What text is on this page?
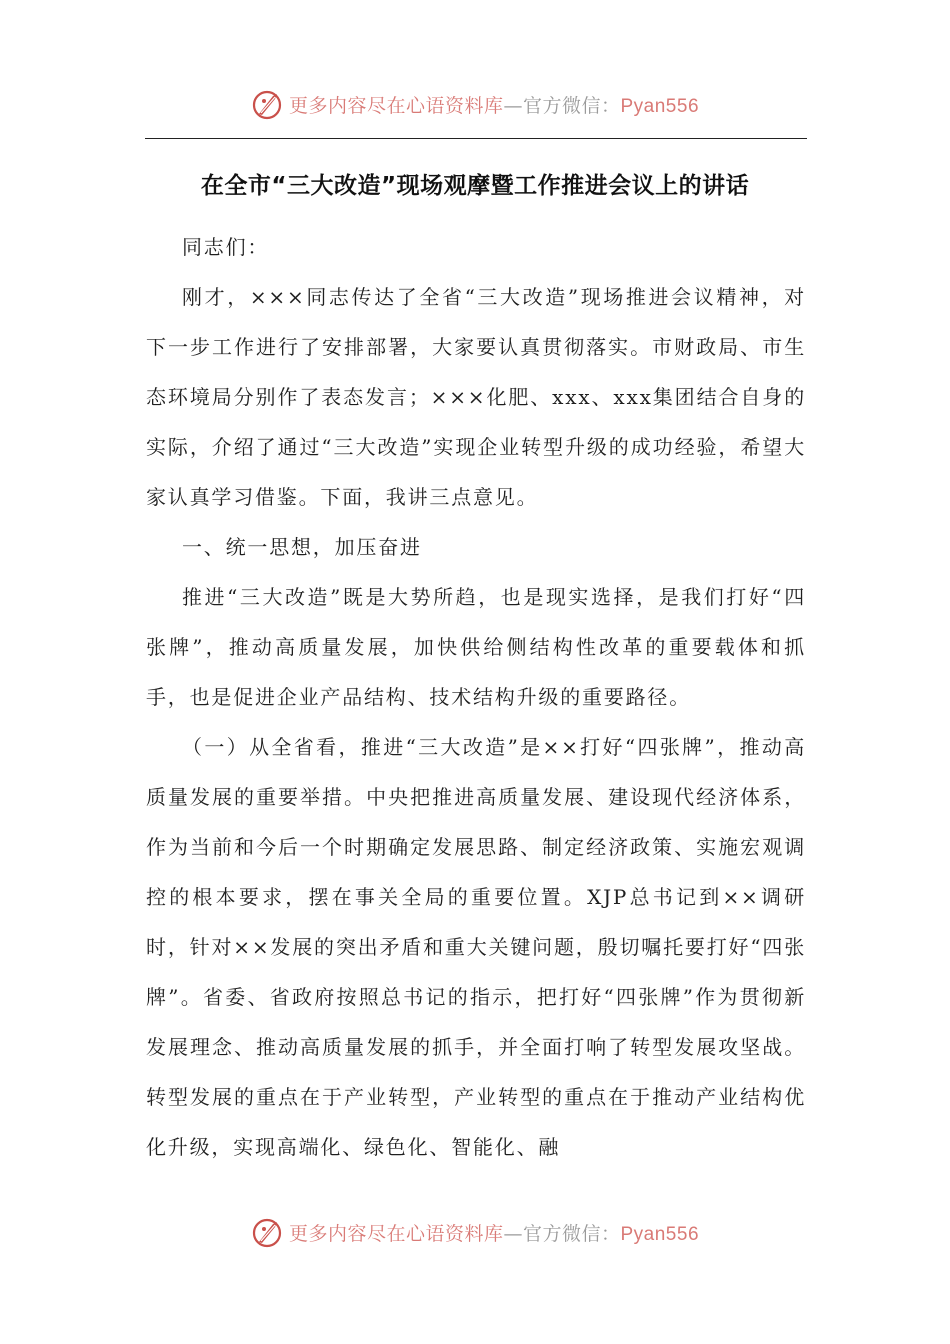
更多内容尽在心语资料库—官方微信：Pyan556
在全市“三大改造”现场观摩暨工作推进会议上的讲话

同志们：

刚才，×××同志传达了全省“三大改造”现场推进会议精神，对下一步工作进行了安排部署，大家要认真贯彻落实。市财政局、市生态环境局分别作了表态发言；×××化肥、xxx、xxx集团结合自身的实际，介绍了通过“三大改造”实现企业转型升级的成功经验，希望大家认真学习借鉴。下面，我讲三点意见。

一、统一思想，加压奋进

推进“三大改造”既是大势所趋，也是现实选择，是我们打好“四张牌”，推动高质量发展，加快供给侧结构性改革的重要载体和抓手，也是促进企业产品结构、技术结构升级的重要路径。

（一）从全省看，推进“三大改造”是××打好“四张牌”，推动高质量发展的重要举措。中央把推进高质量发展、建设现代经济体系，作为当前和今后一个时期确定发展思路、制定经济政策、实施宏观调控的根本要求，摆在事关全局的重要位置。XJP总书记到××调研时，针对××发展的突出矛盾和重大关键问题，殷切嘱托要打好“四张牌”。省委、省政府按照总书记的指示，把打好“四张牌”作为贯彻新发展理念、推动高质量发展的抓手，并全面打响了转型发展攻坚战。转型发展的重点在于产业转型，产业转型的重点在于推动产业结构优化升级，实现高端化、绿色化、智能化、融

更多内容尽在心语资料库—官方微信：Pyan556
